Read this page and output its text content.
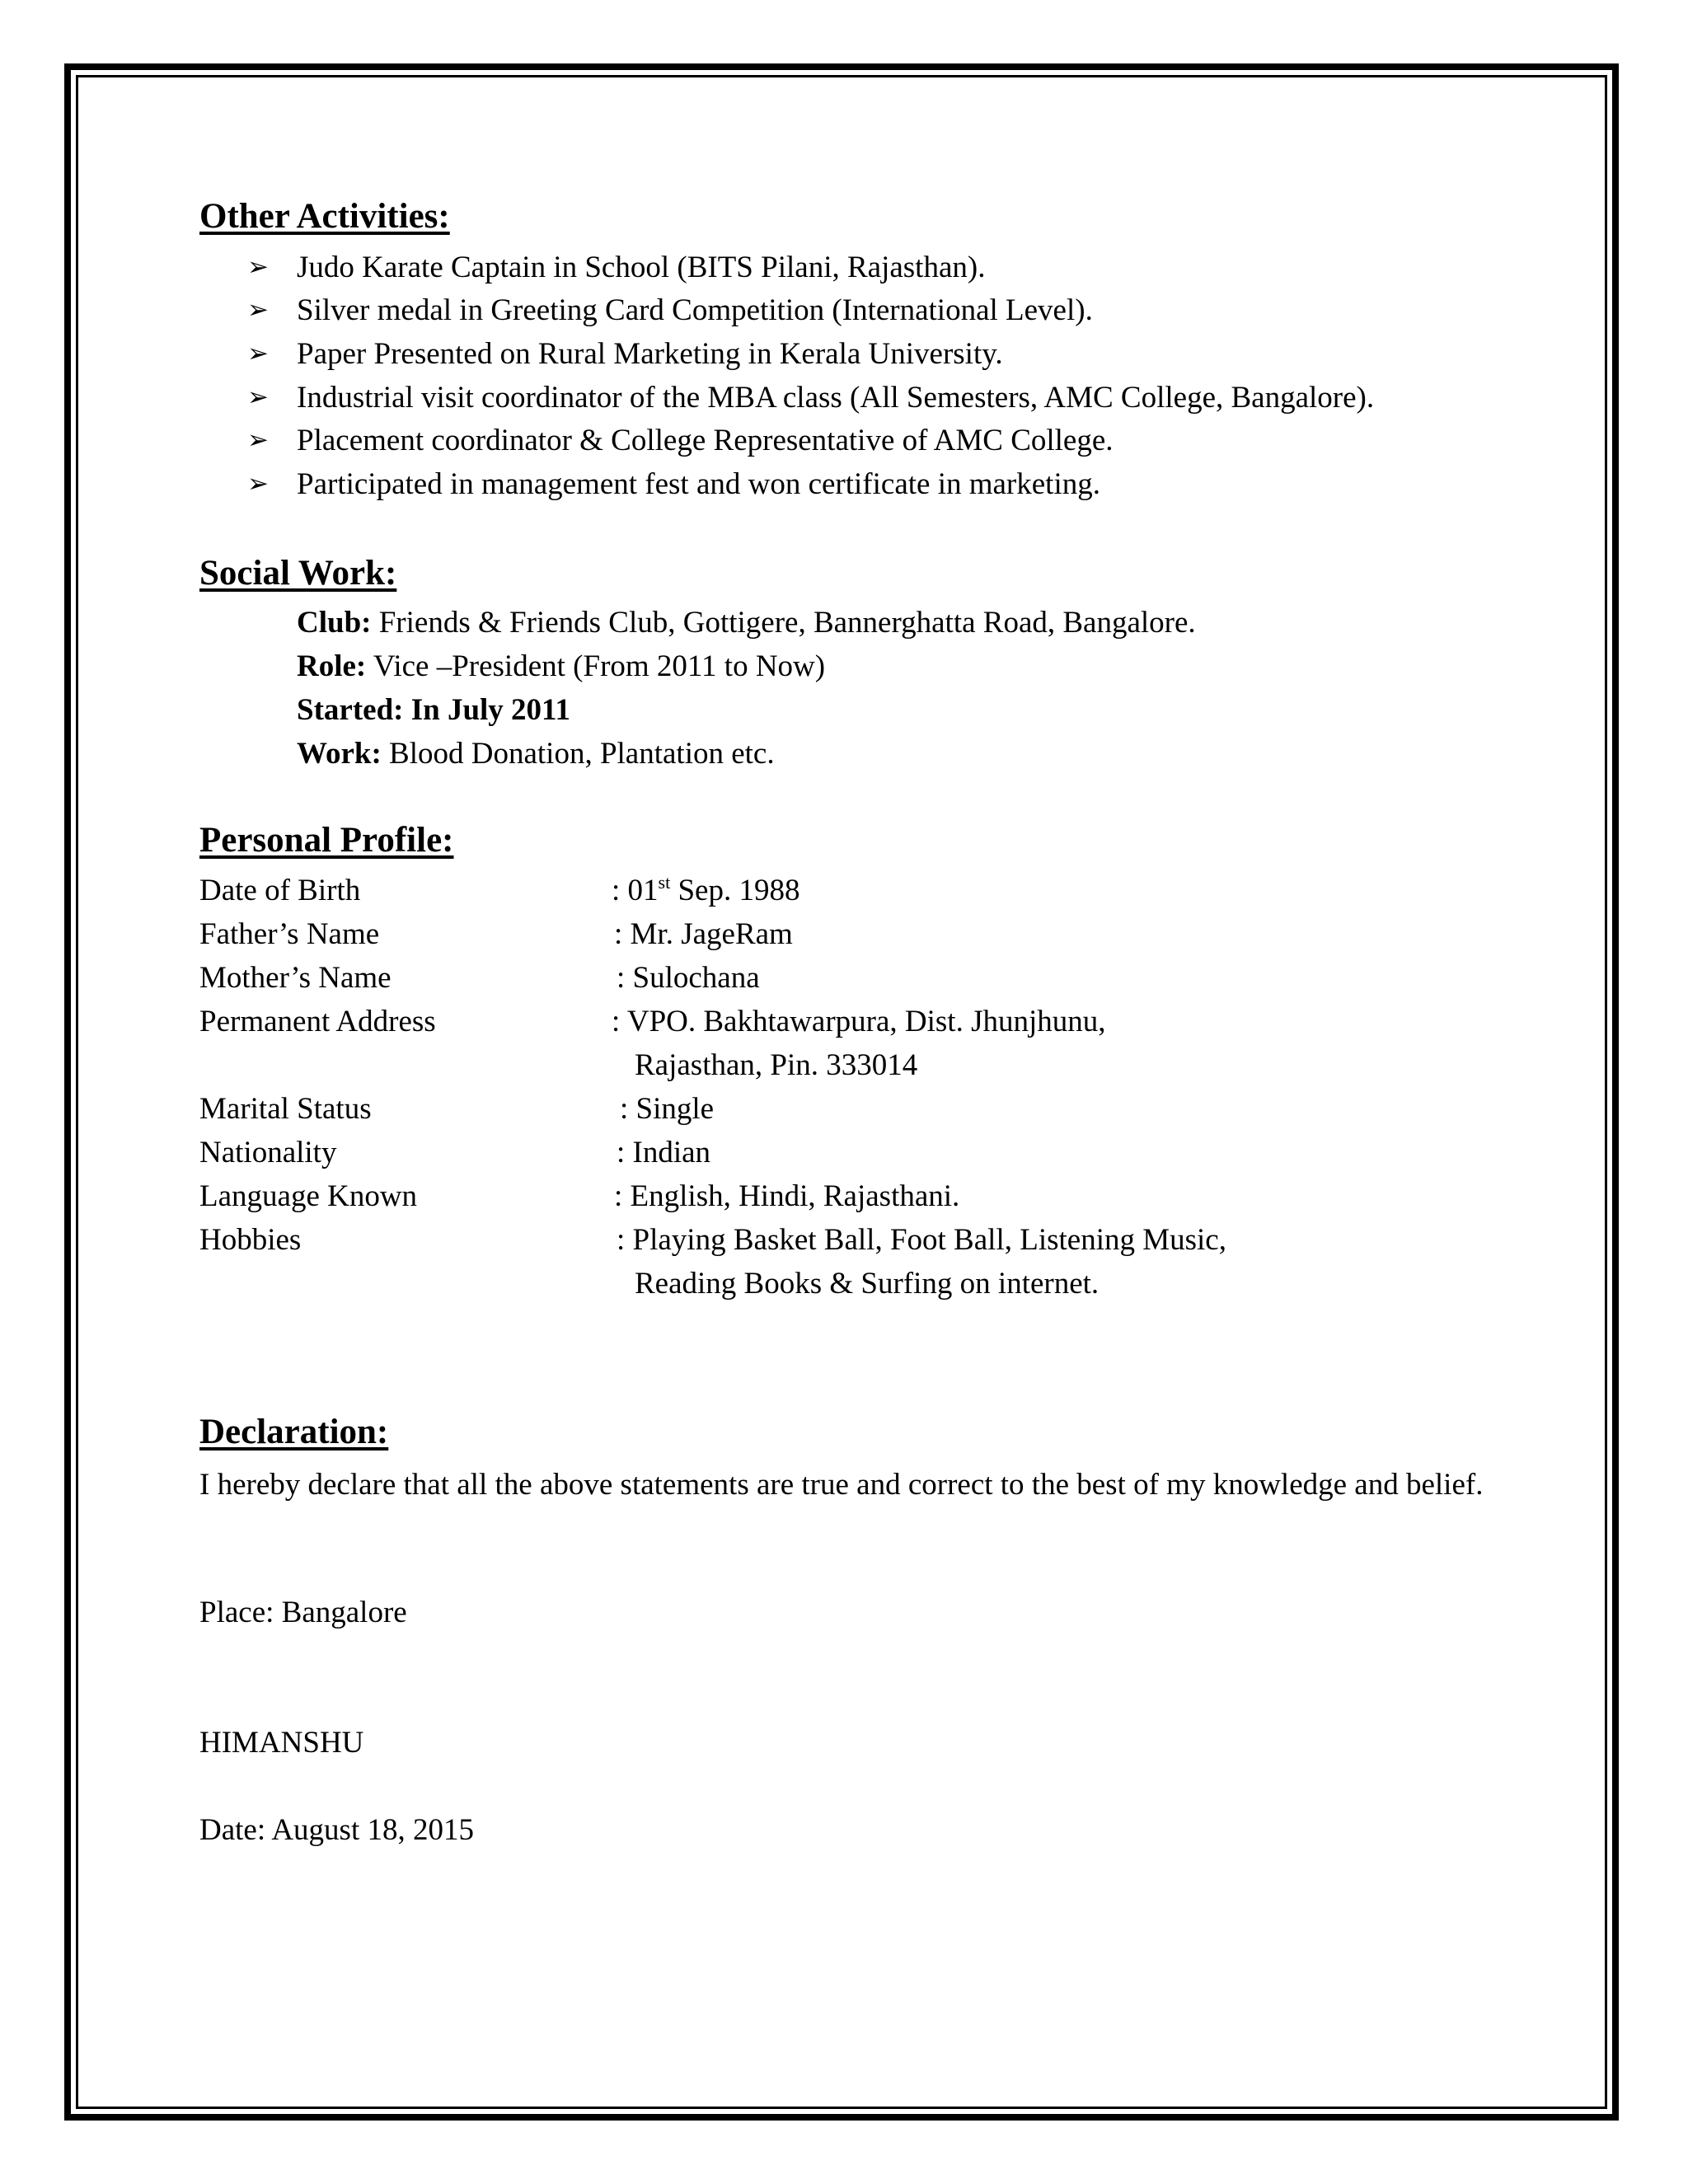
Other Activities:
➢ Judo Karate Captain in School (BITS Pilani, Rajasthan).
➢ Silver medal in Greeting Card Competition (International Level).
➢ Paper Presented on Rural Marketing in Kerala University.
➢ Industrial visit coordinator of the MBA class (All Semesters, AMC College, Bangalore).
➢ Placement coordinator & College Representative of AMC College.
➢ Participated in management fest and won certificate in marketing.
Social Work:
Club: Friends & Friends Club, Gottigere, Bannerghatta Road, Bangalore.
Role: Vice –President (From 2011 to Now)
Started: In July 2011
Work: Blood Donation, Plantation etc.
Personal Profile:
Date of Birth	: 01st Sep. 1988
Father’s Name	: Mr. JageRam
Mother’s Name	: Sulochana
Permanent Address	: VPO. Bakhtawarpura, Dist. Jhunjhunu,
Rajasthan, Pin. 333014
Marital Status	: Single
Nationality	: Indian
Language Known	: English, Hindi, Rajasthani.
Hobbies	: Playing Basket Ball, Foot Ball, Listening Music,
Reading Books & Surfing on internet.
Declaration:

I hereby declare that all the above statements are true and correct to the best of my knowledge and belief.

Place: Bangalore
HIMANSHU
Date: August 18, 2015
